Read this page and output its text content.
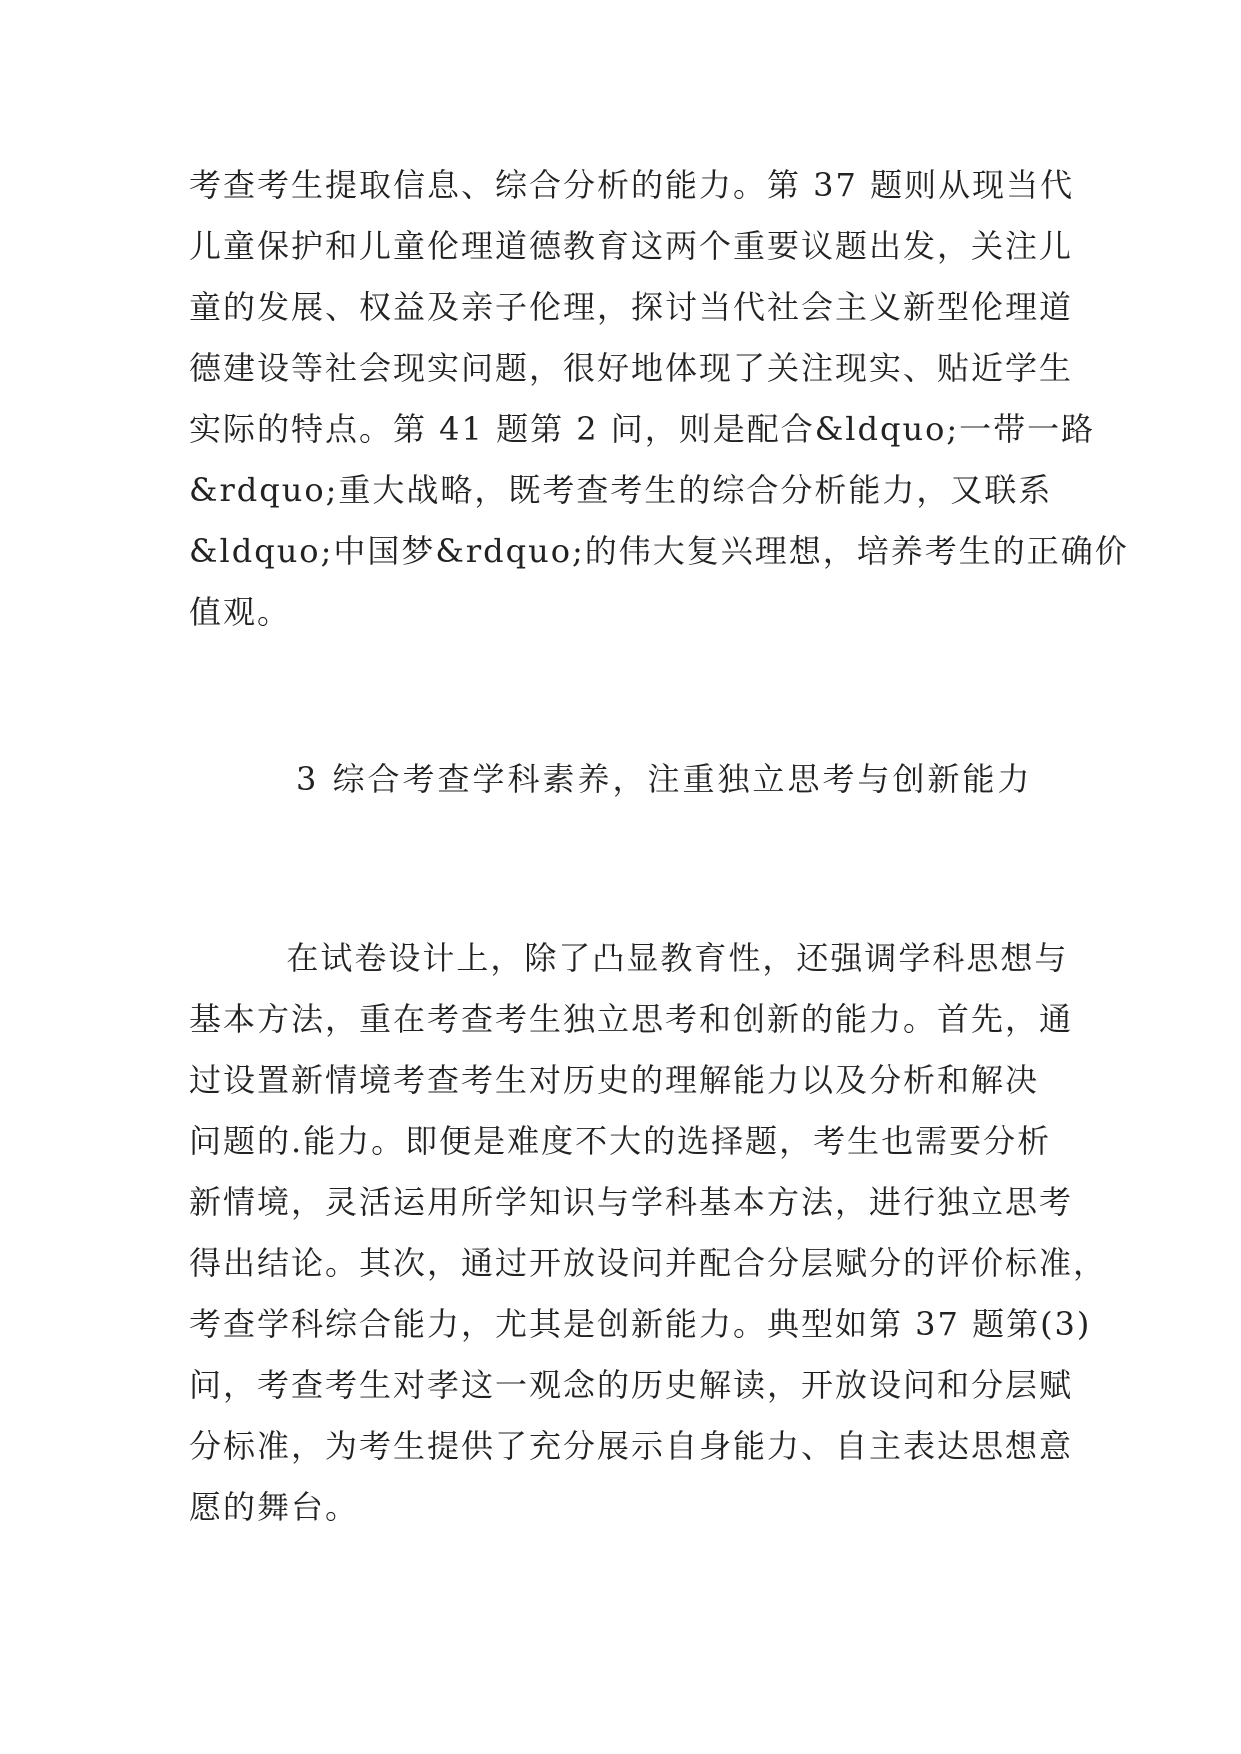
考查考生提取信息、综合分析的能力。第 37 题则从现当代
儿童保护和儿童伦理道德教育这两个重要议题出发，关注儿
童的发展、权益及亲子伦理，探讨当代社会主义新型伦理道
德建设等社会现实问题，很好地体现了关注现实、贴近学生
实际的特点。第 41 题第 2 问，则是配合&ldquo;一带一路
&rdquo;重大战略，既考查考生的综合分析能力，又联系
&ldquo;中国梦&rdquo;的伟大复兴理想，培养考生的正确价
值观。
3 综合考查学科素养，注重独立思考与创新能力
在试卷设计上，除了凸显教育性，还强调学科思想与
基本方法，重在考查考生独立思考和创新的能力。首先，通
过设置新情境考查考生对历史的理解能力以及分析和解决
问题的.能力。即便是难度不大的选择题，考生也需要分析
新情境，灵活运用所学知识与学科基本方法，进行独立思考
得出结论。其次，通过开放设问并配合分层赋分的评价标准，
考查学科综合能力，尤其是创新能力。典型如第 37 题第(3)
问，考查考生对孝这一观念的历史解读，开放设问和分层赋
分标准，为考生提供了充分展示自身能力、自主表达思想意
愿的舞台。
